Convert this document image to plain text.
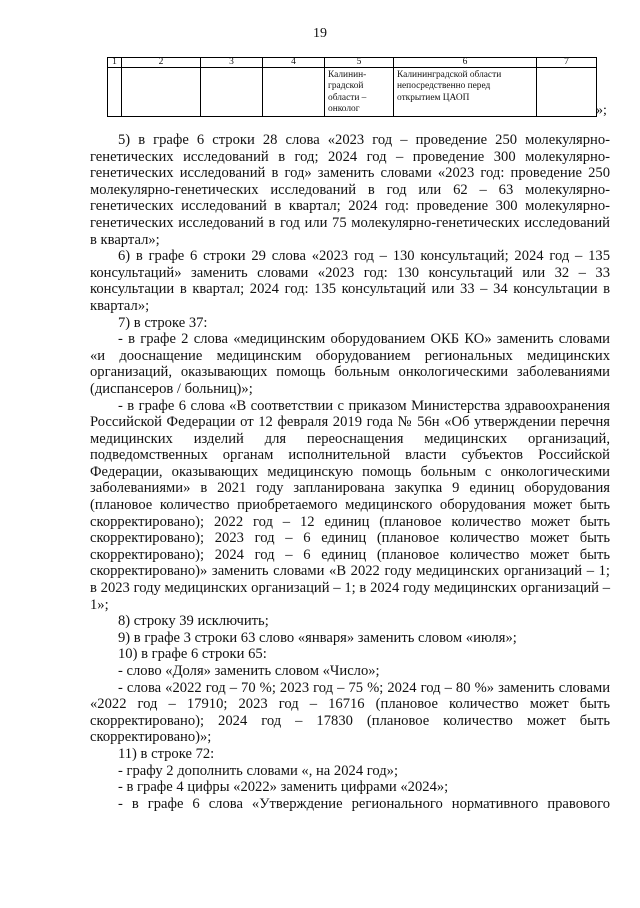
19
1	2	3	4	5	6	7
				Калинин-градской области – онколог	Калининградской области непосредственно перед открытием ЦАОП	
»;

5) в графе 6 строки 28 слова «2023 год – проведение 250 молекулярно-генетических исследований в год; 2024 год – проведение 300 молекулярно-генетических исследований в год» заменить словами «2023 год: проведение 250 молекулярно-генетических исследований в год или 62 – 63 молекулярно-генетических исследований в квартал; 2024 год: проведение 300 молекулярно-генетических исследований в год или 75 молекулярно-генетических исследований в квартал»;

6) в графе 6 строки 29 слова «2023 год – 130 консультаций; 2024 год – 135 консультаций» заменить словами «2023 год: 130 консультаций или 32 – 33 консультации в квартал; 2024 год: 135 консультаций или 33 – 34 консультации в квартал»;

7) в строке 37:

- в графе 2 слова «медицинским оборудованием ОКБ КО» заменить словами «и дооснащение медицинским оборудованием региональных медицинских организаций, оказывающих помощь больным онкологическими заболеваниями (диспансеров / больниц)»;

- в графе 6 слова «В соответствии с приказом Министерства здравоохранения Российской Федерации от 12 февраля 2019 года № 56н «Об утверждении перечня медицинских изделий для переоснащения медицинских организаций, подведомственных органам исполнительной власти субъектов Российской Федерации, оказывающих медицинскую помощь больным с онкологическими заболеваниями» в 2021 году запланирована закупка 9 единиц оборудования (плановое количество приобретаемого медицинского оборудования может быть скорректировано); 2022 год – 12 единиц (плановое количество может быть скорректировано); 2023 год – 6 единиц (плановое количество может быть скорректировано); 2024 год – 6 единиц (плановое количество может быть скорректировано)» заменить словами «В 2022 году медицинских организаций – 1; в 2023 году медицинских организаций – 1; в 2024 году медицинских организаций – 1»;

8) строку 39 исключить;

9) в графе 3 строки 63 слово «января» заменить словом «июля»;

10) в графе 6 строки 65:

- слово «Доля» заменить словом «Число»;

- слова «2022 год – 70 %; 2023 год – 75 %; 2024 год – 80 %» заменить словами «2022 год – 17910; 2023 год – 16716 (плановое количество может быть скорректировано); 2024 год – 17830 (плановое количество может быть скорректировано)»;

11) в строке 72:

- графу 2 дополнить словами «, на 2024 год»;

- в графе 4 цифры «2022» заменить цифрами «2024»;

- в графе 6 слова «Утверждение регионального нормативного правового
